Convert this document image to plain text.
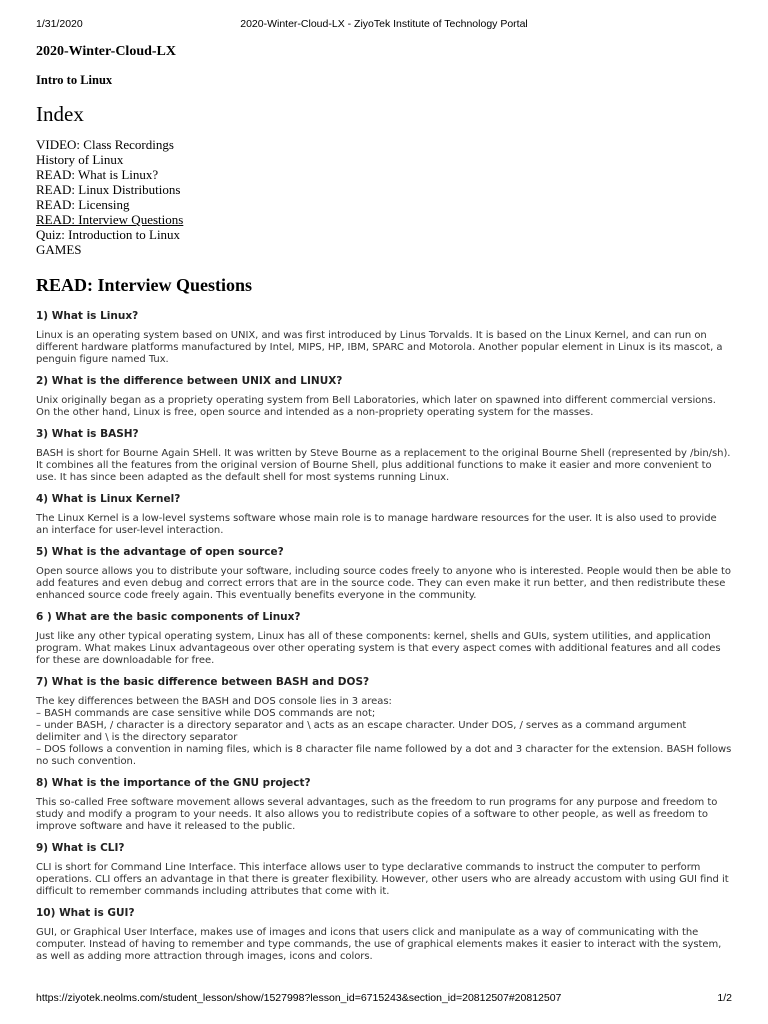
1/31/2020	2020-Winter-Cloud-LX - ZiyoTek Institute of Technology Portal
2020-Winter-Cloud-LX
Intro to Linux
Index
VIDEO: Class Recordings
History of Linux
READ: What is Linux?
READ: Linux Distributions
READ: Licensing
READ: Interview Questions
Quiz: Introduction to Linux
GAMES
READ: Interview Questions
1) What is Linux?

Linux is an operating system based on UNIX, and was first introduced by Linus Torvalds. It is based on the Linux Kernel, and can run on different hardware platforms manufactured by Intel, MIPS, HP, IBM, SPARC and Motorola. Another popular element in Linux is its mascot, a penguin figure named Tux.

2) What is the difference between UNIX and LINUX?

Unix originally began as a propriety operating system from Bell Laboratories, which later on spawned into different commercial versions. On the other hand, Linux is free, open source and intended as a non-propriety operating system for the masses.

3) What is BASH?

BASH is short for Bourne Again SHell. It was written by Steve Bourne as a replacement to the original Bourne Shell (represented by /bin/sh). It combines all the features from the original version of Bourne Shell, plus additional functions to make it easier and more convenient to use. It has since been adapted as the default shell for most systems running Linux.

4) What is Linux Kernel?

The Linux Kernel is a low-level systems software whose main role is to manage hardware resources for the user. It is also used to provide an interface for user-level interaction.

5) What is the advantage of open source?

Open source allows you to distribute your software, including source codes freely to anyone who is interested. People would then be able to add features and even debug and correct errors that are in the source code. They can even make it run better, and then redistribute these enhanced source code freely again. This eventually benefits everyone in the community.

6 ) What are the basic components of Linux?

Just like any other typical operating system, Linux has all of these components: kernel, shells and GUIs, system utilities, and application program. What makes Linux advantageous over other operating system is that every aspect comes with additional features and all codes for these are downloadable for free.

7) What is the basic difference between BASH and DOS?

The key differences between the BASH and DOS console lies in 3 areas:
– BASH commands are case sensitive while DOS commands are not;
– under BASH, / character is a directory separator and \ acts as an escape character. Under DOS, / serves as a command argument delimiter and \ is the directory separator
– DOS follows a convention in naming files, which is 8 character file name followed by a dot and 3 character for the extension. BASH follows no such convention.

8) What is the importance of the GNU project?

This so-called Free software movement allows several advantages, such as the freedom to run programs for any purpose and freedom to study and modify a program to your needs. It also allows you to redistribute copies of a software to other people, as well as freedom to improve software and have it released to the public.

9) What is CLI?

CLI is short for Command Line Interface. This interface allows user to type declarative commands to instruct the computer to perform operations. CLI offers an advantage in that there is greater flexibility. However, other users who are already accustom with using GUI find it difficult to remember commands including attributes that come with it.

10) What is GUI?

GUI, or Graphical User Interface, makes use of images and icons that users click and manipulate as a way of communicating with the computer. Instead of having to remember and type commands, the use of graphical elements makes it easier to interact with the system, as well as adding more attraction through images, icons and colors.

https://ziyotek.neolms.com/student_lesson/show/1527998?lesson_id=6715243&section_id=20812507#20812507	1/2
